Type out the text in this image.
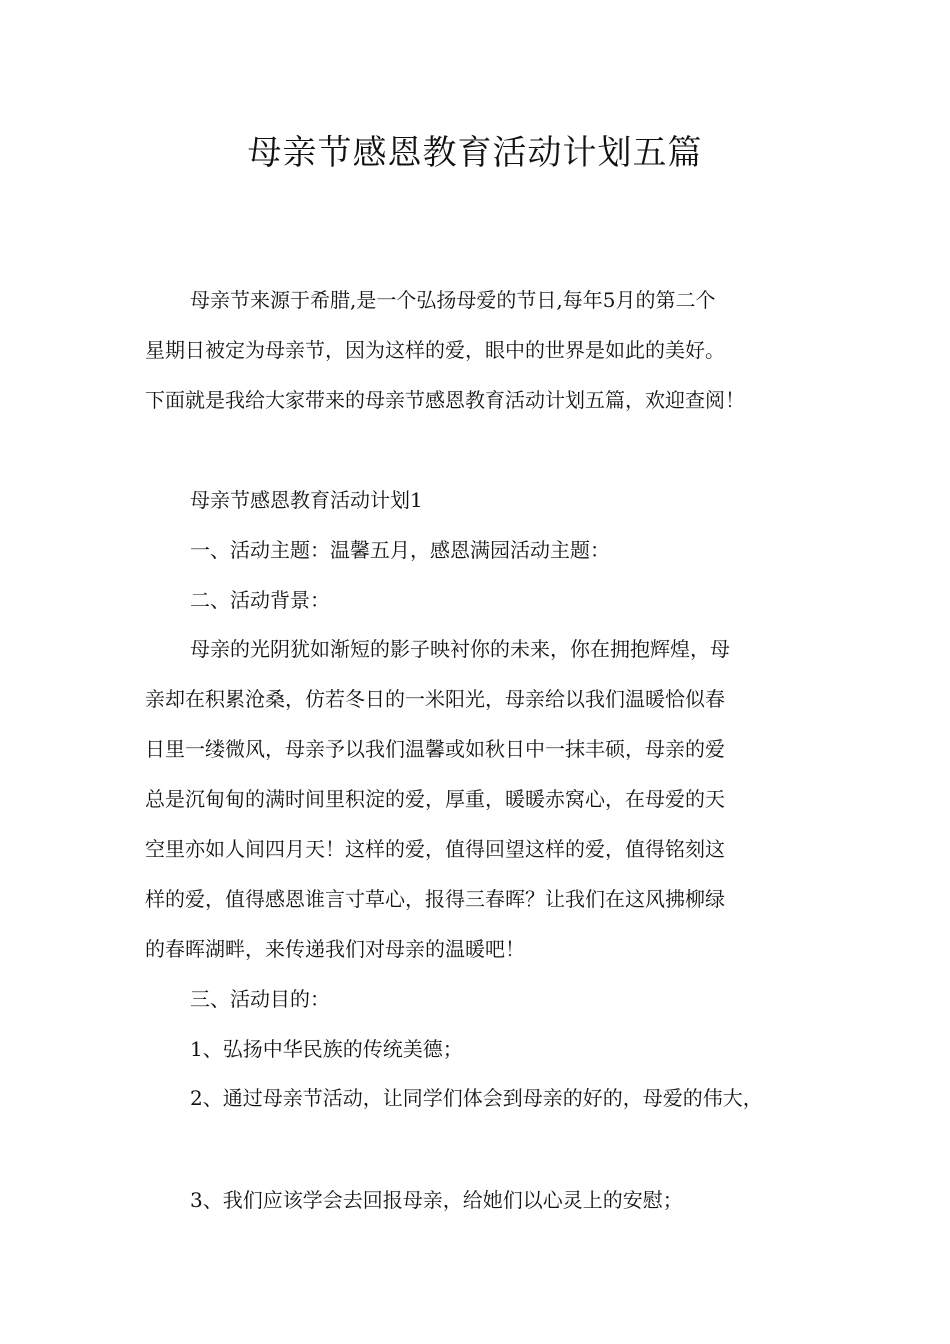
母亲节感恩教育活动计划五篇

母亲节来源于希腊,是一个弘扬母爱的节日,每年5月的第二个

星期日被定为母亲节，因为这样的爱，眼中的世界是如此的美好。

下面就是我给大家带来的母亲节感恩教育活动计划五篇，欢迎查阅！

母亲节感恩教育活动计划1

一、活动主题：温馨五月，感恩满园活动主题：

二、活动背景：

母亲的光阴犹如渐短的影子映衬你的未来，你在拥抱辉煌，母

亲却在积累沧桑，仿若冬日的一米阳光，母亲给以我们温暖恰似春

日里一缕微风，母亲予以我们温馨或如秋日中一抹丰硕，母亲的爱

总是沉甸甸的满时间里积淀的爱，厚重，暖暖赤窝心，在母爱的天

空里亦如人间四月天！这样的爱，值得回望这样的爱，值得铭刻这

样的爱，值得感恩谁言寸草心，报得三春晖？让我们在这风拂柳绿

的春晖湖畔，来传递我们对母亲的温暖吧！

三、活动目的：

1、弘扬中华民族的传统美德；

2、通过母亲节活动，让同学们体会到母亲的好的，母爱的伟大，

3、我们应该学会去回报母亲，给她们以心灵上的安慰；
